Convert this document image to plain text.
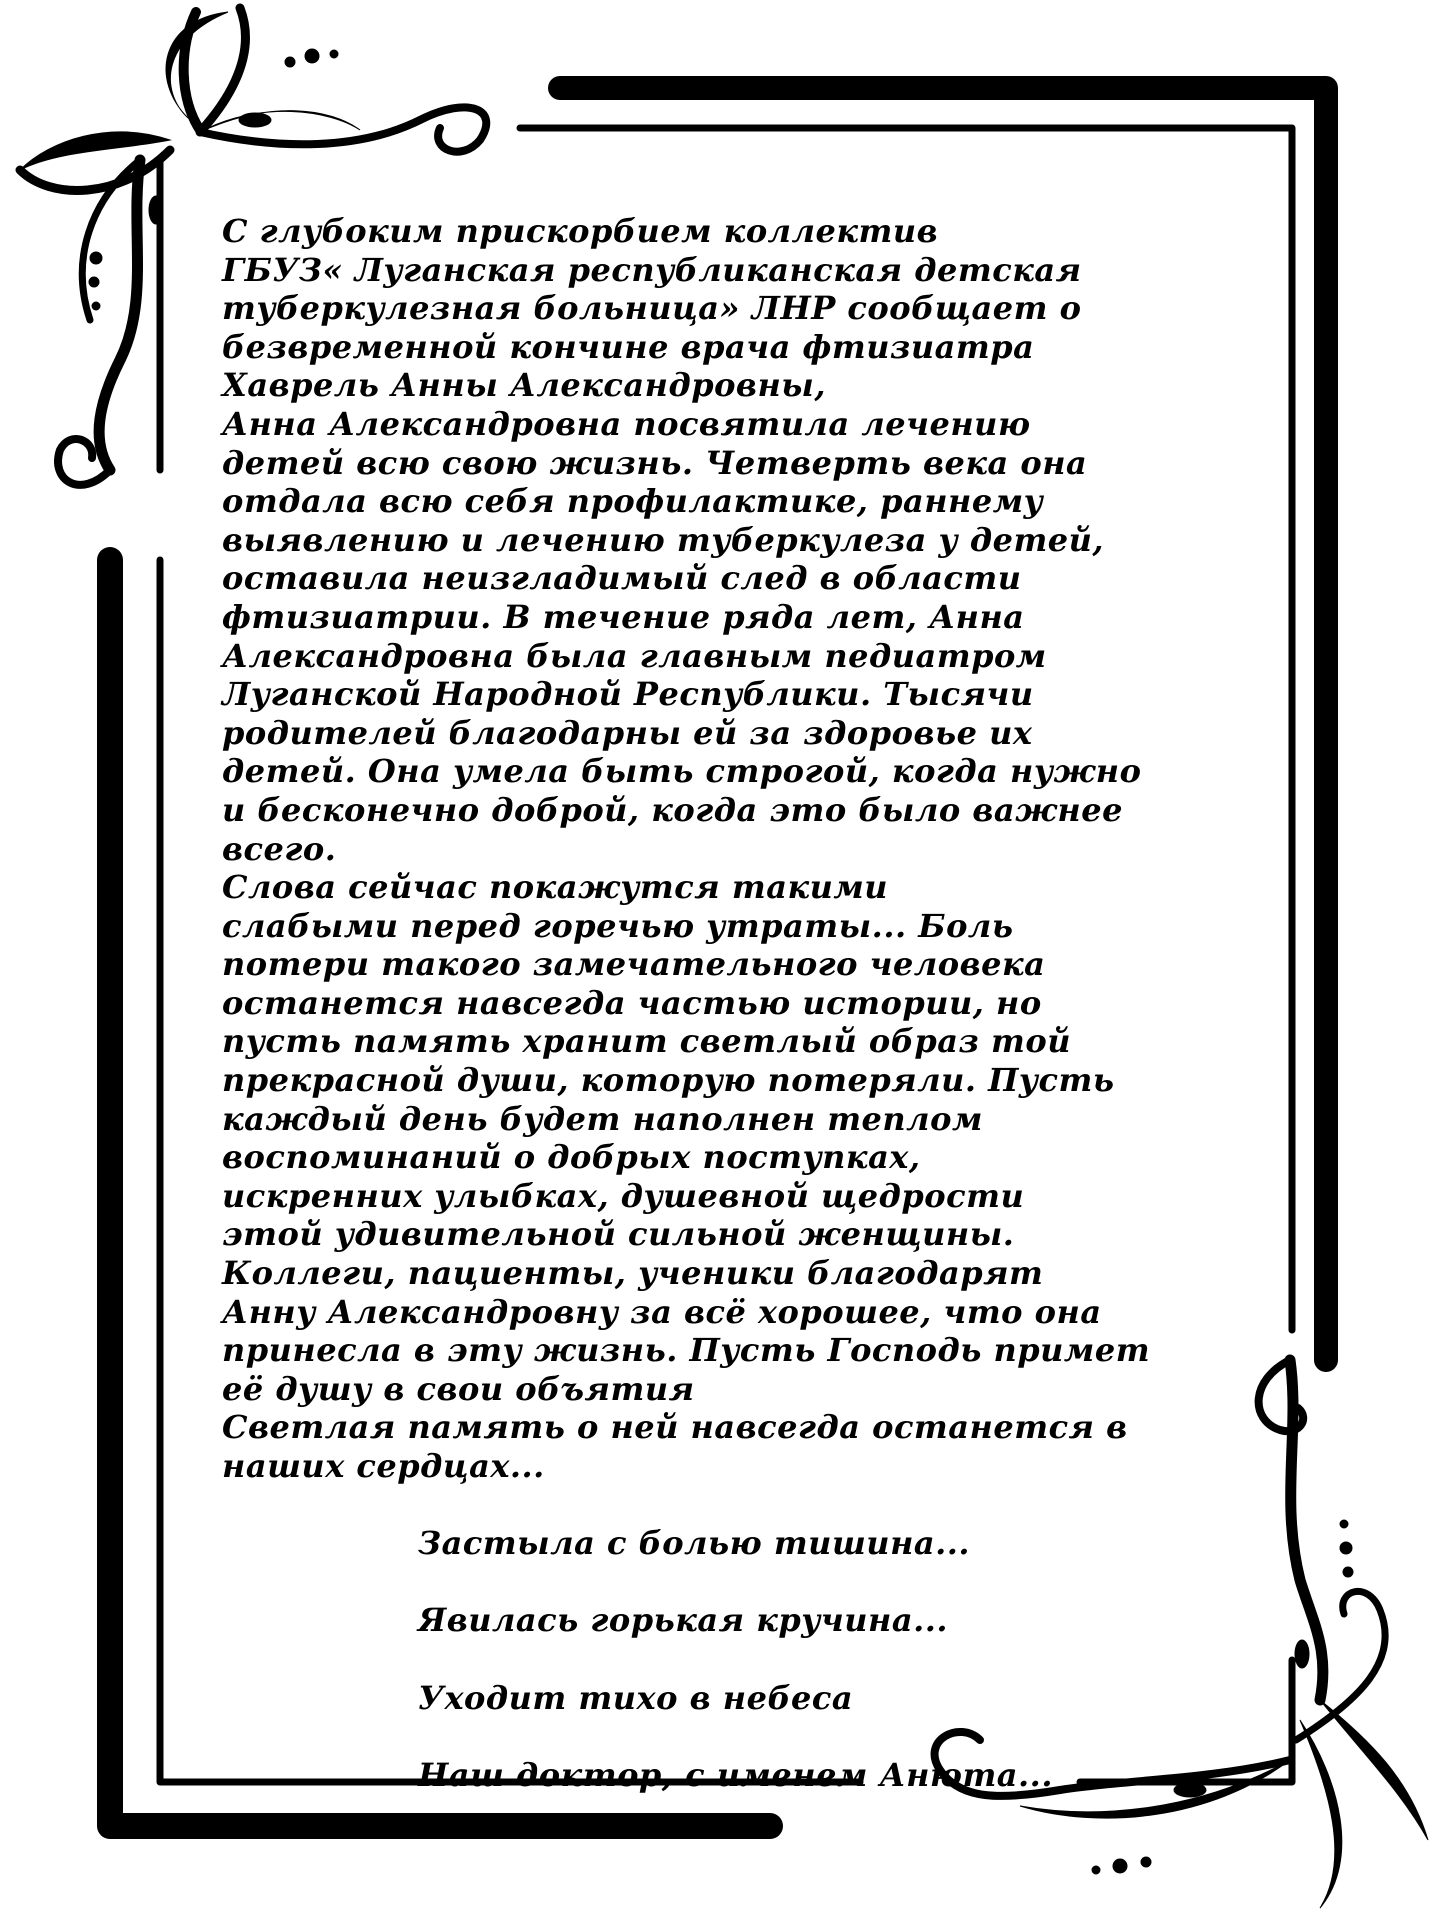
С глубоким прискорбием коллектив
ГБУЗ« Луганская республиканская детская
туберкулезная больница» ЛНР сообщает о
безвременной кончине врача фтизиатра
Хаврель Анны Александровны,

Анна Александровна посвятила лечению
детей всю свою жизнь. Четверть века она
отдала всю себя профилактике, раннему
выявлению и лечению туберкулеза у детей,
оставила неизгладимый след в области
фтизиатрии. В течение ряда лет, Анна
Александровна была главным педиатром
Луганской Народной Республики. Тысячи
родителей благодарны ей за здоровье их
детей. Она умела быть строгой, когда нужно
и бесконечно доброй, когда это было важнее
всего.

Слова сейчас покажутся такими
слабыми перед горечью утраты... Боль
потери такого замечательного человека
останется навсегда частью истории, но
пусть память хранит светлый образ той
прекрасной души, которую потеряли. Пусть
каждый день будет наполнен теплом
воспоминаний о добрых поступках,
искренних улыбках, душевной щедрости
этой удивительной сильной женщины.

Коллеги, пациенты, ученики благодарят
Анну Александровну за всё хорошее, что она
принесла в эту жизнь. Пусть Господь примет
её душу в свои объятия

Светлая память о ней навсегда останется в
наших сердцах...

Застыла с болью тишина...

Явилась горькая кручина...

Уходит тихо в небеса

Наш доктор, с именем Анюта...
